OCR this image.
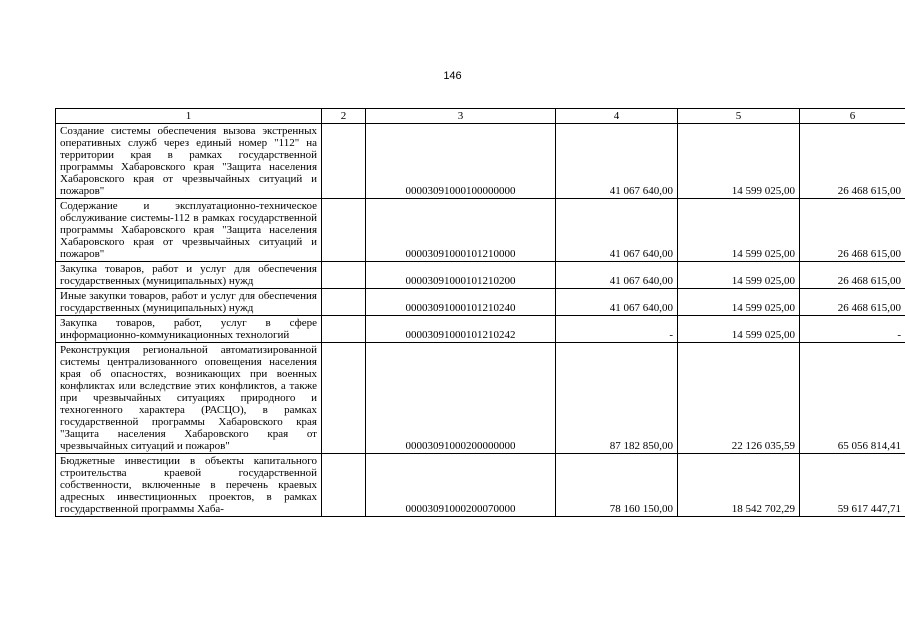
146
1	2	3	4	5	6
Создание системы обеспечения вызова экстренных оперативных служб через единый номер "112" на территории края в рамках государственной программы Хабаровского края "Защита населения Хабаровского края от чрезвычайных ситуаций и пожаров"		00003091000100000000	41 067 640,00	14 599 025,00	26 468 615,00
Содержание и эксплуатационно-техническое обслуживание системы-112 в рамках государственной программы Хабаровского края "Защита населения Хабаровского края от чрезвычайных ситуаций и пожаров"		00003091000101210000	41 067 640,00	14 599 025,00	26 468 615,00
Закупка товаров, работ и услуг для обеспечения государственных (муниципальных) нужд		00003091000101210200	41 067 640,00	14 599 025,00	26 468 615,00
Иные закупки товаров, работ и услуг для обеспечения государственных (муниципальных) нужд		00003091000101210240	41 067 640,00	14 599 025,00	26 468 615,00
Закупка товаров, работ, услуг в сфере информационно-коммуникационных технологий		00003091000101210242	-	14 599 025,00	-
Реконструкция региональной автоматизированной системы централизованного оповещения населения края об опасностях, возникающих при военных конфликтах или вследствие этих конфликтов, а также при чрезвычайных ситуациях природного и техногенного характера (РАСЦО), в рамках государственной программы Хабаровского края "Защита населения Хабаровского края от чрезвычайных ситуаций и пожаров"		00003091000200000000	87 182 850,00	22 126 035,59	65 056 814,41
Бюджетные инвестиции в объекты капитального строительства краевой государственной собственности, включенные в перечень краевых адресных инвестиционных проектов, в рамках государственной программы Хаба-		00003091000200070000	78 160 150,00	18 542 702,29	59 617 447,71
